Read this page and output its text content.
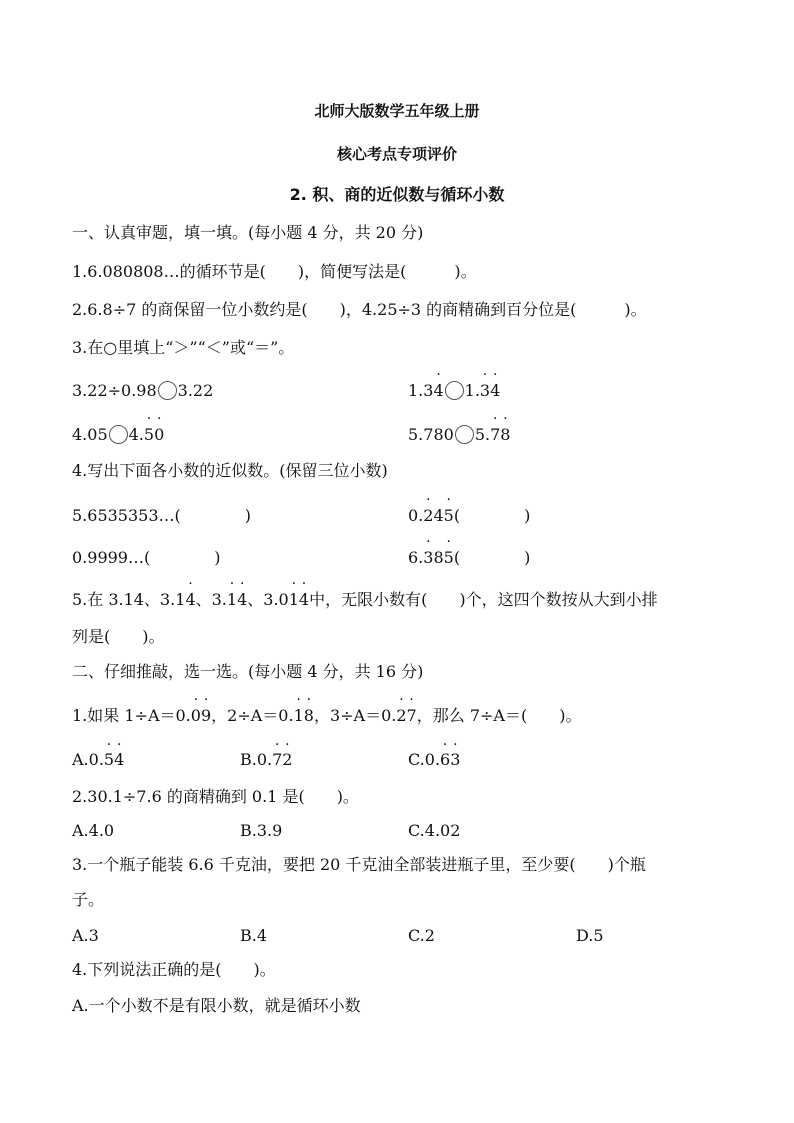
北师大版数学五年级上册
核心考点专项评价
2. 积、商的近似数与循环小数
一、认真审题，填一填。(每小题 4 分，共 20 分)
1.6.080808…的循环节是(　　)，简便写法是(　　　)。
2.6.8÷7 的商保留一位小数约是(　　)，4.25÷3 的商精确到百分位是(　　　)。
3.在○里填上“＞”“＜”或“＝”。
3.22÷0.98 3.22	1.3· 4 1.· 3· 4
4.05 4.· 5· 0	5.780 5.· 7· 8
4.写出下面各小数的近似数。(保留三位小数)
5.6535353…(　　　　)	0.· 24· 5(　　　　)
0.9999…(　　　　)	6.· 38· 5(　　　　)
5.在 3.14、3.1· 4、3.· 1· 4、3.0· 1· 4中，无限小数有(　　)个，这四个数按从大到小排
列是(　　)。
二、仔细推敲，选一选。(每小题 4 分，共 16 分)
1.如果 1÷A＝0.· 0· 9，2÷A＝0.· 1· 8，3÷A＝0.· 2· 7，那么 7÷A＝(　　)。
A.0.· 5· 4	B.0.· 7· 2	C.0.· 6· 3
2.30.1÷7.6 的商精确到 0.1 是(　　)。
A.4.0	B.3.9	C.4.02
3.一个瓶子能装 6.6 千克油，要把 20 千克油全部装进瓶子里，至少要(　　)个瓶
子。
A.3	B.4	C.2	D.5
4.下列说法正确的是(　　)。
A.一个小数不是有限小数，就是循环小数
